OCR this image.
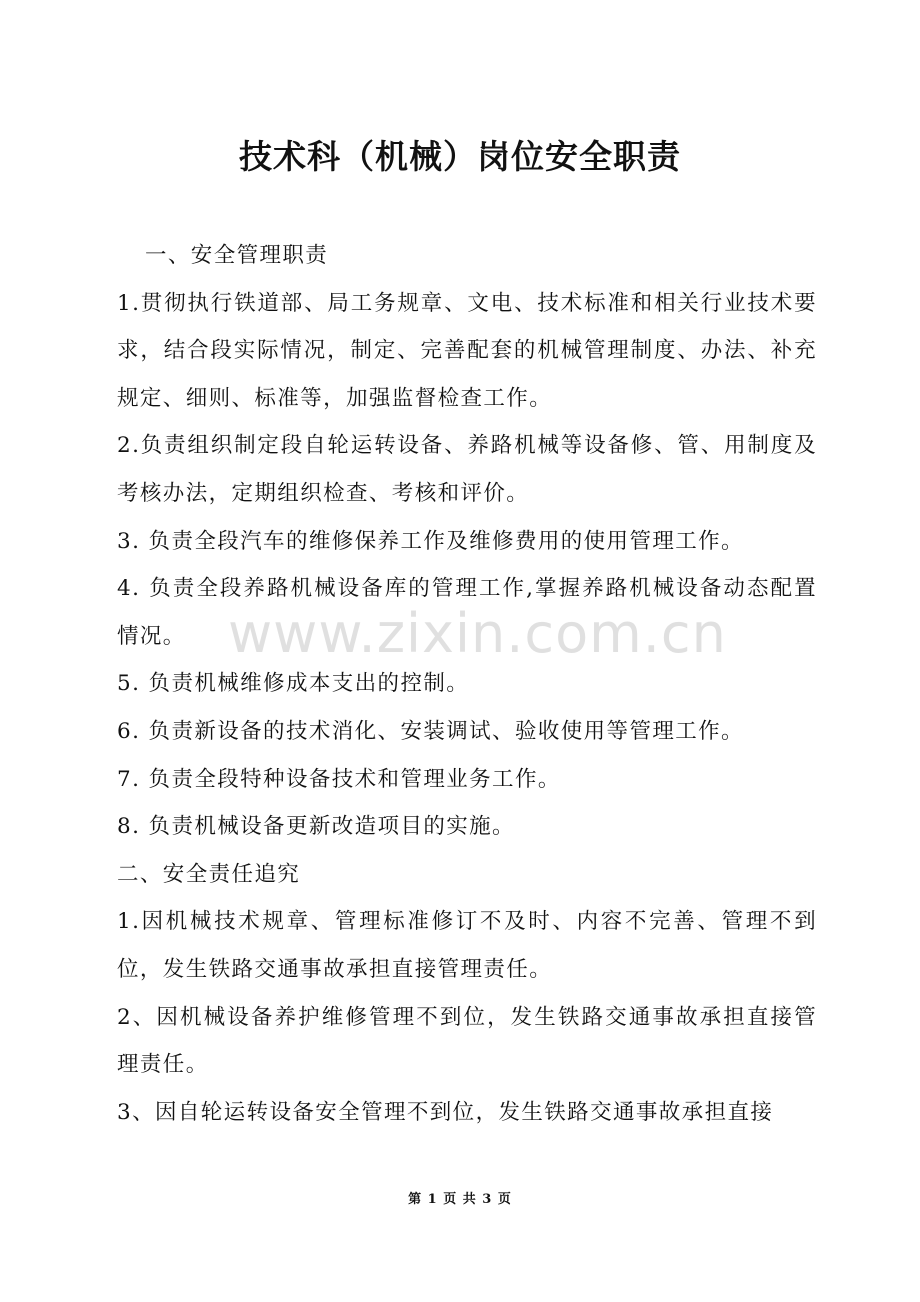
技术科（机械）岗位安全职责

一、安全管理职责

1.贯彻执行铁道部、局工务规章、文电、技术标准和相关行业技术要求，结合段实际情况，制定、完善配套的机械管理制度、办法、补充规定、细则、标准等，加强监督检查工作。

2.负责组织制定段自轮运转设备、养路机械等设备修、管、用制度及考核办法，定期组织检查、考核和评价。

3. 负责全段汽车的维修保养工作及维修费用的使用管理工作。

4. 负责全段养路机械设备库的管理工作,掌握养路机械设备动态配置情况。

5. 负责机械维修成本支出的控制。

6. 负责新设备的技术消化、安装调试、验收使用等管理工作。

7. 负责全段特种设备技术和管理业务工作。

8. 负责机械设备更新改造项目的实施。

二、安全责任追究

1.因机械技术规章、管理标准修订不及时、内容不完善、管理不到位，发生铁路交通事故承担直接管理责任。

2、因机械设备养护维修管理不到位，发生铁路交通事故承担直接管理责任。

3、因自轮运转设备安全管理不到位，发生铁路交通事故承担直接

www.zixin.com.cn
第 1 页 共 3 页
